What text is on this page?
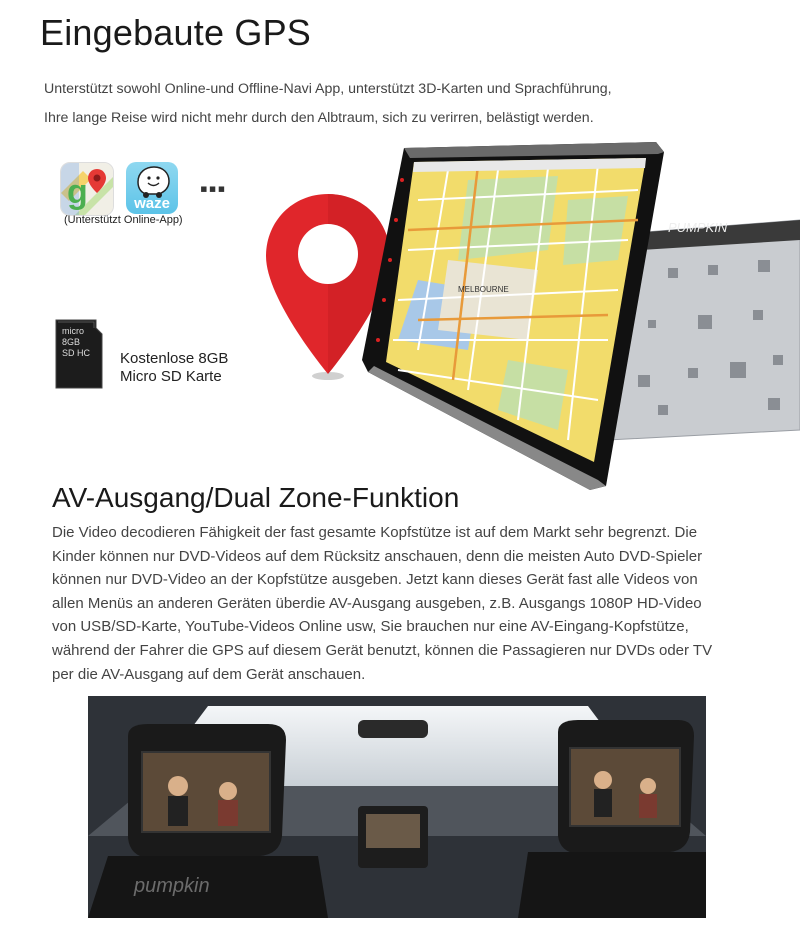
Eingebaute GPS
Unterstützt sowohl Online-und Offline-Navi App, unterstützt 3D-Karten und Sprachführung,
Ihre lange Reise wird nicht mehr durch den Albtraum, sich zu verirren, belästigt werden.
g	waze
▪▪▪
(Unterstützt Online-App)
micro
8GB
SD HC Kostenlose 8GB
Micro SD Karte
PUMPKIN
MELBOURNE
AV-Ausgang/Dual Zone-Funktion
Die Video decodieren Fähigkeit der fast gesamte Kopfstütze ist auf dem Markt sehr begrenzt. Die
Kinder können nur DVD-Videos auf dem Rücksitz anschauen, denn die meisten Auto DVD-Spieler
können nur DVD-Video an der Kopfstütze ausgeben. Jetzt kann dieses Gerät fast alle Videos von
allen Menüs an anderen Geräten überdie AV-Ausgang ausgeben, z.B. Ausgangs 1080P HD-Video
von USB/SD-Karte, YouTube-Videos Online usw, Sie brauchen nur eine AV-Eingang-Kopfstütze,
während der Fahrer die GPS auf diesem Gerät benutzt, können die Passagieren nur DVDs oder TV
per die AV-Ausgang auf dem Gerät anschauen.
pumpkin
